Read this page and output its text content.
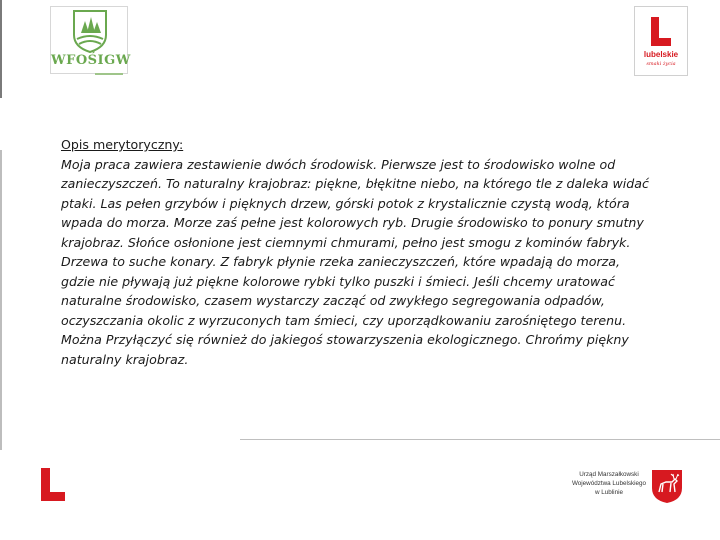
WFOŚIGW	lubelskie
smaki życia
Opis merytoryczny:
Moja praca zawiera zestawienie dwóch środowisk. Pierwsze jest to środowisko wolne od
zanieczyszczeń. To naturalny krajobraz: piękne, błękitne niebo, na którego tle z daleka widać
ptaki. Las pełen grzybów i pięknych drzew, górski potok z krystalicznie czystą wodą, która
wpada do morza. Morze zaś pełne jest kolorowych ryb. Drugie środowisko to ponury smutny
krajobraz. Słońce osłonione jest ciemnymi chmurami, pełno jest smogu z kominów fabryk.
Drzewa to suche konary. Z fabryk płynie rzeka zanieczyszczeń, które wpadają do morza,
gdzie nie pływają już piękne kolorowe rybki tylko puszki i śmieci. Jeśli chcemy uratować
naturalne środowisko, czasem wystarczy zacząć od zwykłego segregowania odpadów,
oczyszczania okolic z wyrzuconych tam śmieci, czy uporządkowaniu zarośniętego terenu.
Można Przyłączyć się również do jakiegoś stowarzyszenia ekologicznego. Chrońmy piękny
naturalny krajobraz.
Urząd Marszałkowski
Województwa Lubelskiego
w Lublinie
